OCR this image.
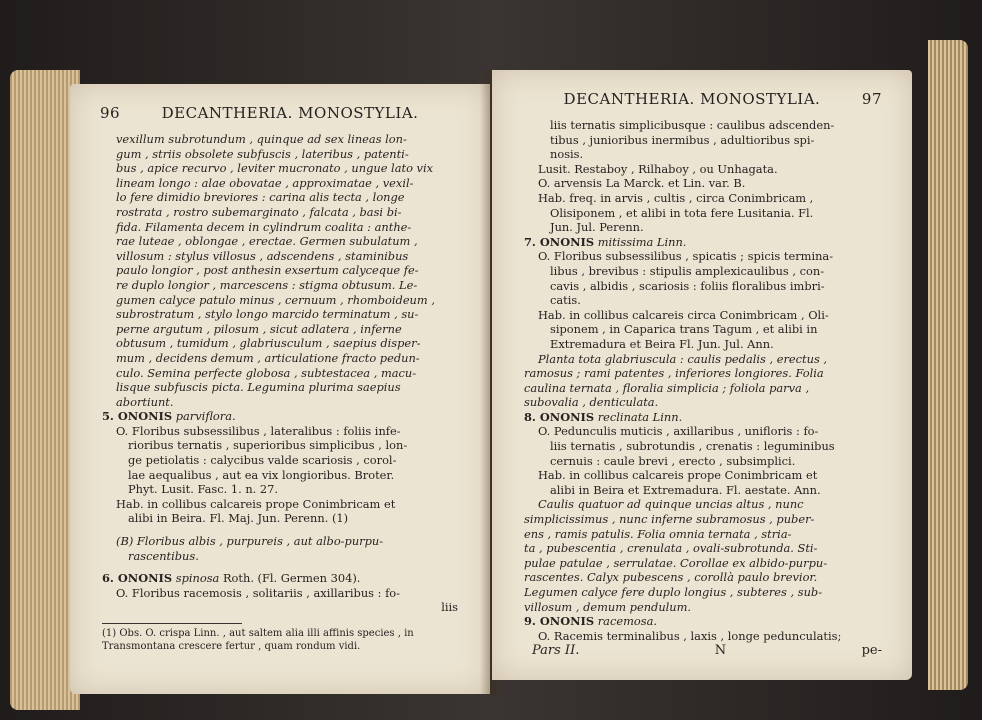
96	DECANTHERIA. MONOSTYLIA.

vexillum subrotundum , quinque ad sex lineas lon-

gum , striis obsolete subfuscis , lateribus , patenti-

bus , apice recurvo , leviter mucronato , ungue lato vix

lineam longo : alae obovatae , approximatae , vexil-

lo fere dimidio breviores : carina alis tecta , longe

rostrata , rostro subemarginato , falcata , basi bi-

fida. Filamenta decem in cylindrum coalita : anthe-

rae luteae , oblongae , erectae. Germen subulatum ,

villosum : stylus villosus , adscendens , staminibus

paulo longior , post anthesin exsertum calyceque fe-

re duplo longior , marcescens : stigma obtusum. Le-

gumen calyce patulo minus , cernuum , rhomboideum ,

subrostratum , stylo longo marcido terminatum , su-

perne argutum , pilosum , sicut adlatera , inferne

obtusum , tumidum , glabriusculum , saepius disper-

mum , decidens demum , articulatione fracto pedun-

culo. Semina perfecte globosa , subtestacea , macu-

lisque subfuscis picta. Legumina plurima saepius

abortiunt.

5. ONONIS parviflora.

O. Floribus subsessilibus , lateralibus : foliis infe-

rioribus ternatis , superioribus simplicibus , lon-

ge petiolatis : calycibus valde scariosis , corol-

lae aequalibus , aut ea vix longioribus. Broter.

Phyt. Lusit. Fasc. 1. n. 27.

Hab. in collibus calcareis prope Conimbricam et

alibi in Beira. Fl. Maj. Jun. Perenn. (1)

(B) Floribus albis , purpureis , aut albo-purpu-

rascentibus.

6. ONONIS spinosa Roth. (Fl. Germen 304).

O. Floribus racemosis , solitariis , axillaribus : fo-

liis

(1) Obs. O. crispa Linn. , aut saltem alia illi affinis species , in

Transmontana crescere fertur , quam rondum vidi.

DECANTHERIA. MONOSTYLIA.	97

liis ternatis simplicibusque : caulibus adscenden-

tibus , junioribus inermibus , adultioribus spi-

nosis.

Lusit. Restaboy , Rilhaboy , ou Unhagata.

O. arvensis La Marck. et Lin. var. B.

Hab. freq. in arvis , cultis , circa Conimbricam ,

Olisiponem , et alibi in tota fere Lusitania. Fl.

Jun. Jul. Perenn.

7. ONONIS mitissima Linn.

O. Floribus subsessilibus , spicatis ; spicis termina-

libus , brevibus : stipulis amplexicaulibus , con-

cavis , albidis , scariosis : foliis floralibus imbri-

catis.

Hab. in collibus calcareis circa Conimbricam , Oli-

siponem , in Caparica trans Tagum , et alibi in

Extremadura et Beira Fl. Jun. Jul. Ann.

Planta tota glabriuscula : caulis pedalis , erectus ,

ramosus ; rami patentes , inferiores longiores. Folia

caulina ternata , floralia simplicia ; foliola parva ,

subovalia , denticulata.

8. ONONIS reclinata Linn.

O. Pedunculis muticis , axillaribus , unifloris : fo-

liis ternatis , subrotundis , crenatis : leguminibus

cernuis : caule brevi , erecto , subsimplici.

Hab. in collibus calcareis prope Conimbricam et

alibi in Beira et Extremadura. Fl. aestate. Ann.

Caulis quatuor ad quinque uncias altus , nunc

simplicissimus , nunc inferne subramosus , puber-

ens , ramis patulis. Folia omnia ternata , stria-

ta , pubescentia , crenulata , ovali-subrotunda. Sti-

pulae patulae , serrulatae. Corollae ex albido-purpu-

rascentes. Calyx pubescens , corollà paulo brevior.

Legumen calyce fere duplo longius , subteres , sub-

villosum , demum pendulum.

9. ONONIS racemosa.

O. Racemis terminalibus , laxis , longe pedunculatis;

Pars II.	N	pe-
